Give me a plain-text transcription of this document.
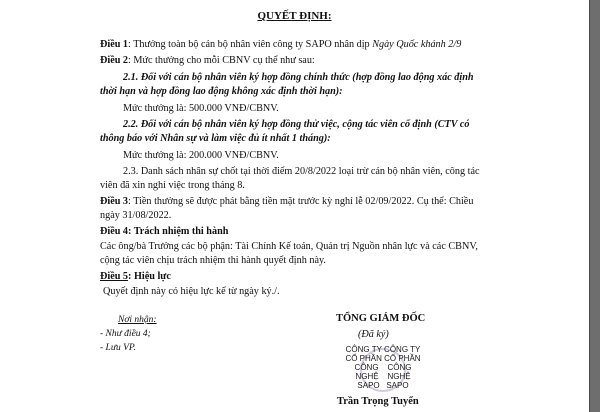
QUYẾT ĐỊNH:
Điều 1: Thưởng toàn bộ cán bộ nhân viên công ty SAPO nhân dịp Ngày Quốc khánh 2/9
Điều 2: Mức thưởng cho mỗi CBNV cụ thể như sau:
2.1. Đối với cán bộ nhân viên ký hợp đồng chính thức (hợp đồng lao động xác định
thời hạn và hợp đồng lao động không xác định thời hạn):
Mức thưởng là: 500.000 VNĐ/CBNV.
2.2. Đối với cán bộ nhân viên ký hợp đồng thử việc, cộng tác viên cố định (CTV có
thông báo với Nhân sự và làm việc đủ ít nhất 1 tháng):
Mức thưởng là: 200.000 VNĐ/CBNV.
2.3. Danh sách nhân sự chốt tại thời điểm 20/8/2022 loại trừ cán bộ nhân viên, công tác
viên đã xin nghỉ việc trong tháng 8.
Điều 3: Tiền thưởng sẽ được phát bằng tiền mặt trước kỳ nghỉ lễ 02/09/2022. Cụ thể: Chiều
ngày 31/08/2022.
Điều 4: Trách nhiệm thi hành
Các ông/bà Trưởng các bộ phận: Tài Chính Kế toán, Quản trị Nguồn nhân lực và các CBNV,
cộng tác viên chịu trách nhiệm thi hành quyết định này.
Điều 5: Hiệu lực
Quyết định này có hiệu lực kể từ ngày ký./.
Nơi nhận:
- Như điều 4;
- Lưu VP.
TỔNG GIÁM ĐỐC
(Đã ký)
CÔNG TY CÔNG TY
CỔ PHẦN CỔ PHẦN
CÔNG    CÔNG
NGHỆ    NGHỆ
SAPO   SAPO
Trần Trọng Tuyển
